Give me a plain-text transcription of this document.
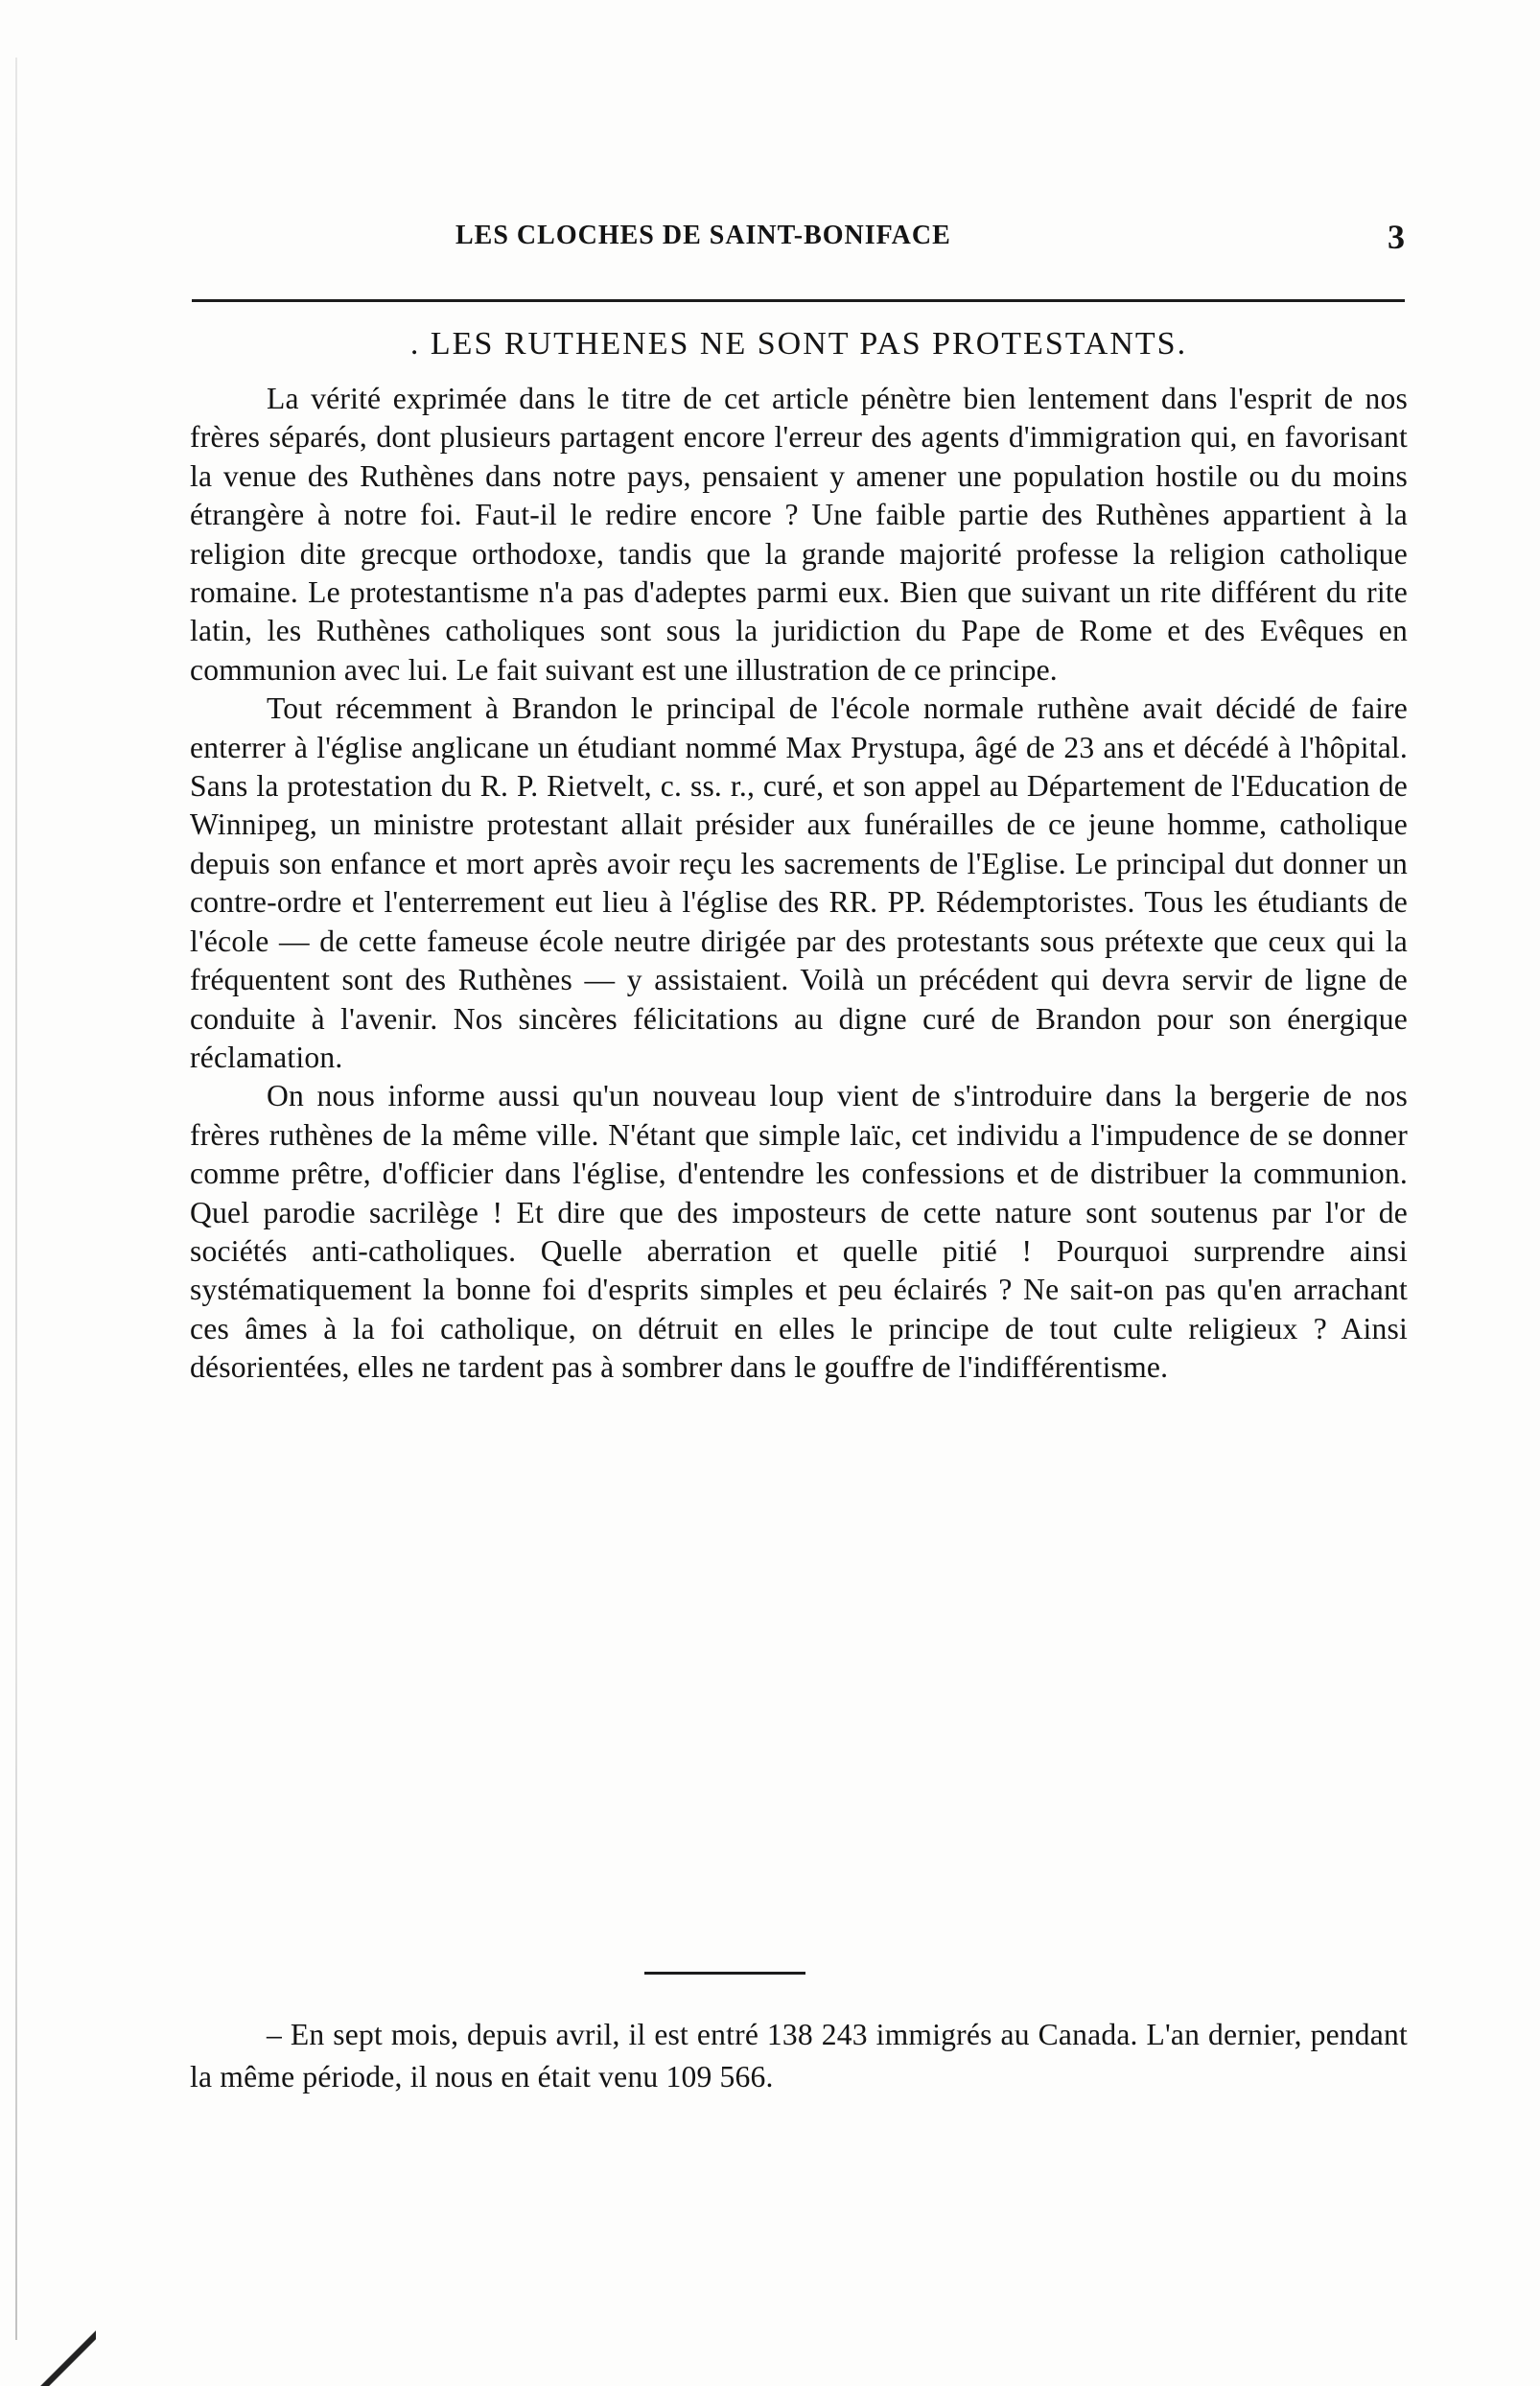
LES CLOCHES DE SAINT-BONIFACE	3
. LES RUTHENES NE SONT PAS PROTESTANTS.

La vérité exprimée dans le titre de cet article pénètre bien lentement dans l'esprit de nos frères séparés, dont plusieurs partagent encore l'erreur des agents d'immigration qui, en favorisant la venue des Ruthènes dans notre pays, pensaient y amener une population hostile ou du moins étrangère à notre foi. Faut-il le redire encore ? Une faible partie des Ruthènes appartient à la religion dite grecque orthodoxe, tandis que la grande majorité professe la religion catholique romaine. Le protestantisme n'a pas d'adeptes parmi eux. Bien que suivant un rite différent du rite latin, les Ruthènes catholiques sont sous la juridiction du Pape de Rome et des Evêques en communion avec lui. Le fait suivant est une illustration de ce principe.

Tout récemment à Brandon le principal de l'école normale ruthène avait décidé de faire enterrer à l'église anglicane un étudiant nommé Max Prystupa, âgé de 23 ans et décédé à l'hôpital. Sans la protestation du R. P. Rietvelt, c. ss. r., curé, et son appel au Département de l'Education de Winnipeg, un ministre protestant allait présider aux funérailles de ce jeune homme, catholique depuis son enfance et mort après avoir reçu les sacrements de l'Eglise. Le principal dut donner un contre-ordre et l'enterrement eut lieu à l'église des RR. PP. Rédemptoristes. Tous les étudiants de l'école — de cette fameuse école neutre dirigée par des protestants sous prétexte que ceux qui la fréquentent sont des Ruthènes — y assistaient. Voilà un précédent qui devra servir de ligne de conduite à l'avenir. Nos sincères félicitations au digne curé de Brandon pour son énergique réclamation.

On nous informe aussi qu'un nouveau loup vient de s'introduire dans la bergerie de nos frères ruthènes de la même ville. N'étant que simple laïc, cet individu a l'impudence de se donner comme prêtre, d'officier dans l'église, d'entendre les confessions et de distribuer la communion. Quel parodie sacrilège ! Et dire que des imposteurs de cette nature sont soutenus par l'or de sociétés anti-catholiques. Quelle aberration et quelle pitié ! Pourquoi surprendre ainsi systématiquement la bonne foi d'esprits simples et peu éclairés ? Ne sait-on pas qu'en arrachant ces âmes à la foi catholique, on détruit en elles le principe de tout culte religieux ? Ainsi désorientées, elles ne tardent pas à sombrer dans le gouffre de l'indifférentisme.

– En sept mois, depuis avril, il est entré 138 243 immigrés au Canada. L'an dernier, pendant la même période, il nous en était venu 109 566.
